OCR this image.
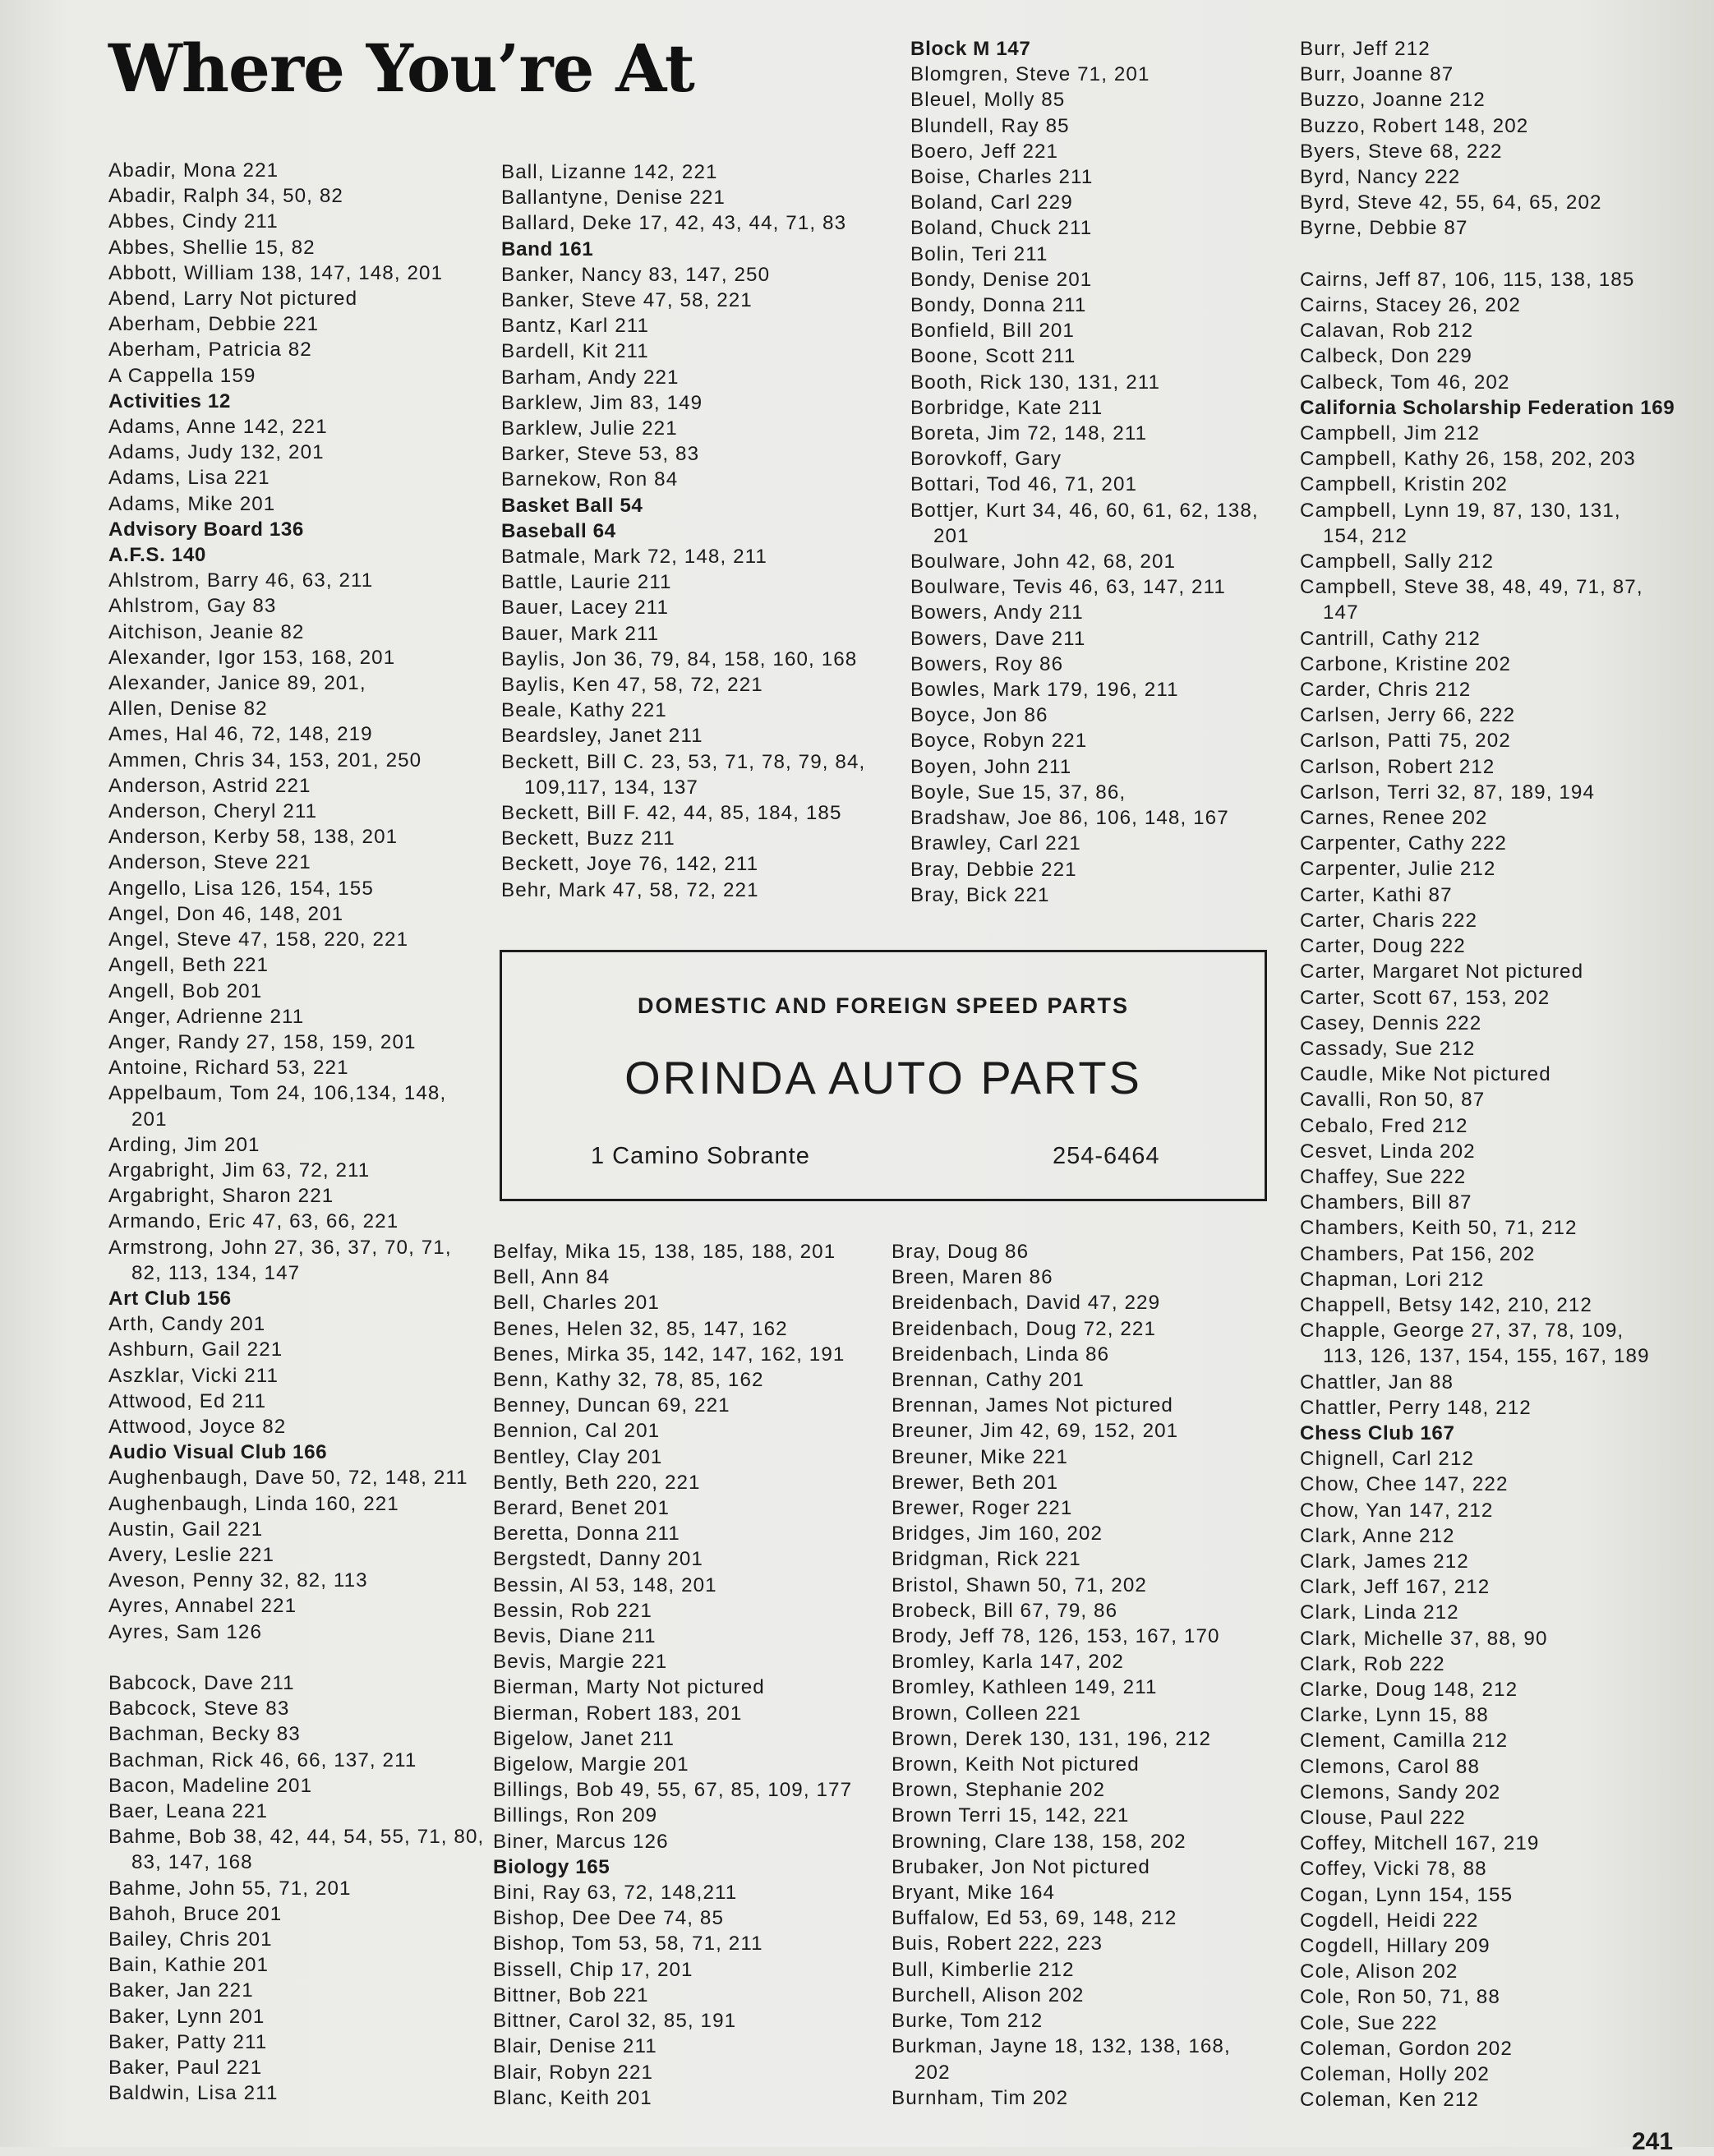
Where You’re At
Abadir, Mona 221
Abadir, Ralph 34, 50, 82
Abbes, Cindy 211
Abbes, Shellie 15, 82
Abbott, William 138, 147, 148, 201
Abend, Larry Not pictured
Aberham, Debbie 221
Aberham, Patricia 82
A Cappella 159
Activities 12
Adams, Anne 142, 221
Adams, Judy 132, 201
Adams, Lisa 221
Adams, Mike 201
Advisory Board 136
A.F.S. 140
Ahlstrom, Barry 46, 63, 211
Ahlstrom, Gay 83
Aitchison, Jeanie 82
Alexander, Igor 153, 168, 201
Alexander, Janice 89, 201,
Allen, Denise 82
Ames, Hal 46, 72, 148, 219
Ammen, Chris 34, 153, 201, 250
Anderson, Astrid 221
Anderson, Cheryl 211
Anderson, Kerby 58, 138, 201
Anderson, Steve 221
Angello, Lisa 126, 154, 155
Angel, Don 46, 148, 201
Angel, Steve 47, 158, 220, 221
Angell, Beth 221
Angell, Bob 201
Anger, Adrienne 211
Anger, Randy 27, 158, 159, 201
Antoine, Richard 53, 221
Appelbaum, Tom 24, 106,134, 148,
201
Arding, Jim 201
Argabright, Jim 63, 72, 211
Argabright, Sharon 221
Armando, Eric 47, 63, 66, 221
Armstrong, John 27, 36, 37, 70, 71,
82, 113, 134, 147
Art Club 156
Arth, Candy 201
Ashburn, Gail 221
Aszklar, Vicki 211
Attwood, Ed 211
Attwood, Joyce 82
Audio Visual Club 166
Aughenbaugh, Dave 50, 72, 148, 211
Aughenbaugh, Linda 160, 221
Austin, Gail 221
Avery, Leslie 221
Aveson, Penny 32, 82, 113
Ayres, Annabel 221
Ayres, Sam 126
Babcock, Dave 211
Babcock, Steve 83
Bachman, Becky 83
Bachman, Rick 46, 66, 137, 211
Bacon, Madeline 201
Baer, Leana 221
Bahme, Bob 38, 42, 44, 54, 55, 71, 80,
83, 147, 168
Bahme, John 55, 71, 201
Bahoh, Bruce 201
Bailey, Chris 201
Bain, Kathie 201
Baker, Jan 221
Baker, Lynn 201
Baker, Patty 211
Baker, Paul 221
Baldwin, Lisa 211
Ball, Lizanne 142, 221
Ballantyne, Denise 221
Ballard, Deke 17, 42, 43, 44, 71, 83
Band 161
Banker, Nancy 83, 147, 250
Banker, Steve 47, 58, 221
Bantz, Karl 211
Bardell, Kit 211
Barham, Andy 221
Barklew, Jim 83, 149
Barklew, Julie 221
Barker, Steve 53, 83
Barnekow, Ron 84
Basket Ball 54
Baseball 64
Batmale, Mark 72, 148, 211
Battle, Laurie 211
Bauer, Lacey 211
Bauer, Mark 211
Baylis, Jon 36, 79, 84, 158, 160, 168
Baylis, Ken 47, 58, 72, 221
Beale, Kathy 221
Beardsley, Janet 211
Beckett, Bill C. 23, 53, 71, 78, 79, 84,
109,117, 134, 137
Beckett, Bill F. 42, 44, 85, 184, 185
Beckett, Buzz 211
Beckett, Joye 76, 142, 211
Behr, Mark 47, 58, 72, 221
Block M 147
Blomgren, Steve 71, 201
Bleuel, Molly 85
Blundell, Ray 85
Boero, Jeff 221
Boise, Charles 211
Boland, Carl 229
Boland, Chuck 211
Bolin, Teri 211
Bondy, Denise 201
Bondy, Donna 211
Bonfield, Bill 201
Boone, Scott 211
Booth, Rick 130, 131, 211
Borbridge, Kate 211
Boreta, Jim 72, 148, 211
Borovkoff, Gary
Bottari, Tod 46, 71, 201
Bottjer, Kurt 34, 46, 60, 61, 62, 138,
201
Boulware, John 42, 68, 201
Boulware, Tevis 46, 63, 147, 211
Bowers, Andy 211
Bowers, Dave 211
Bowers, Roy 86
Bowles, Mark 179, 196, 211
Boyce, Jon 86
Boyce, Robyn 221
Boyen, John 211
Boyle, Sue 15, 37, 86,
Bradshaw, Joe 86, 106, 148, 167
Brawley, Carl 221
Bray, Debbie 221
Bray, Bick 221
Burr, Jeff 212
Burr, Joanne 87
Buzzo, Joanne 212
Buzzo, Robert 148, 202
Byers, Steve 68, 222
Byrd, Nancy 222
Byrd, Steve 42, 55, 64, 65, 202
Byrne, Debbie 87
Cairns, Jeff 87, 106, 115, 138, 185
Cairns, Stacey 26, 202
Calavan, Rob 212
Calbeck, Don 229
Calbeck, Tom 46, 202
California Scholarship Federation 169
Campbell, Jim 212
Campbell, Kathy 26, 158, 202, 203
Campbell, Kristin 202
Campbell, Lynn 19, 87, 130, 131,
154, 212
Campbell, Sally 212
Campbell, Steve 38, 48, 49, 71, 87,
147
Cantrill, Cathy 212
Carbone, Kristine 202
Carder, Chris 212
Carlsen, Jerry 66, 222
Carlson, Patti 75, 202
Carlson, Robert 212
Carlson, Terri 32, 87, 189, 194
Carnes, Renee 202
Carpenter, Cathy 222
Carpenter, Julie 212
Carter, Kathi 87
Carter, Charis 222
Carter, Doug 222
Carter, Margaret Not pictured
Carter, Scott 67, 153, 202
Casey, Dennis 222
Cassady, Sue 212
Caudle, Mike Not pictured
Cavalli, Ron 50, 87
Cebalo, Fred 212
Cesvet, Linda 202
Chaffey, Sue 222
Chambers, Bill 87
Chambers, Keith 50, 71, 212
Chambers, Pat 156, 202
Chapman, Lori 212
Chappell, Betsy 142, 210, 212
Chapple, George 27, 37, 78, 109,
113, 126, 137, 154, 155, 167, 189
Chattler, Jan 88
Chattler, Perry 148, 212
Chess Club 167
Chignell, Carl 212
Chow, Chee 147, 222
Chow, Yan 147, 212
Clark, Anne 212
Clark, James 212
Clark, Jeff 167, 212
Clark, Linda 212
Clark, Michelle 37, 88, 90
Clark, Rob 222
Clarke, Doug 148, 212
Clarke, Lynn 15, 88
Clement, Camilla 212
Clemons, Carol 88
Clemons, Sandy 202
Clouse, Paul 222
Coffey, Mitchell 167, 219
Coffey, Vicki 78, 88
Cogan, Lynn 154, 155
Cogdell, Heidi 222
Cogdell, Hillary 209
Cole, Alison 202
Cole, Ron 50, 71, 88
Cole, Sue 222
Coleman, Gordon 202
Coleman, Holly 202
Coleman, Ken 212
DOMESTIC AND FOREIGN SPEED PARTS
ORINDA AUTO PARTS
1 Camino Sobrante	254-6464
Belfay, Mika 15, 138, 185, 188, 201
Bell, Ann 84
Bell, Charles 201
Benes, Helen 32, 85, 147, 162
Benes, Mirka 35, 142, 147, 162, 191
Benn, Kathy 32, 78, 85, 162
Benney, Duncan 69, 221
Bennion, Cal 201
Bentley, Clay 201
Bently, Beth 220, 221
Berard, Benet 201
Beretta, Donna 211
Bergstedt, Danny 201
Bessin, Al 53, 148, 201
Bessin, Rob 221
Bevis, Diane 211
Bevis, Margie 221
Bierman, Marty Not pictured
Bierman, Robert 183, 201
Bigelow, Janet 211
Bigelow, Margie 201
Billings, Bob 49, 55, 67, 85, 109, 177
Billings, Ron 209
Biner, Marcus 126
Biology 165
Bini, Ray 63, 72, 148,211
Bishop, Dee Dee 74, 85
Bishop, Tom 53, 58, 71, 211
Bissell, Chip 17, 201
Bittner, Bob 221
Bittner, Carol 32, 85, 191
Blair, Denise 211
Blair, Robyn 221
Blanc, Keith 201
Bray, Doug 86
Breen, Maren 86
Breidenbach, David 47, 229
Breidenbach, Doug 72, 221
Breidenbach, Linda 86
Brennan, Cathy 201
Brennan, James Not pictured
Breuner, Jim 42, 69, 152, 201
Breuner, Mike 221
Brewer, Beth 201
Brewer, Roger 221
Bridges, Jim 160, 202
Bridgman, Rick 221
Bristol, Shawn 50, 71, 202
Brobeck, Bill 67, 79, 86
Brody, Jeff 78, 126, 153, 167, 170
Bromley, Karla 147, 202
Bromley, Kathleen 149, 211
Brown, Colleen 221
Brown, Derek 130, 131, 196, 212
Brown, Keith Not pictured
Brown, Stephanie 202
Brown Terri 15, 142, 221
Browning, Clare 138, 158, 202
Brubaker, Jon Not pictured
Bryant, Mike 164
Buffalow, Ed 53, 69, 148, 212
Buis, Robert 222, 223
Bull, Kimberlie 212
Burchell, Alison 202
Burke, Tom 212
Burkman, Jayne 18, 132, 138, 168,
202
Burnham, Tim 202
241
